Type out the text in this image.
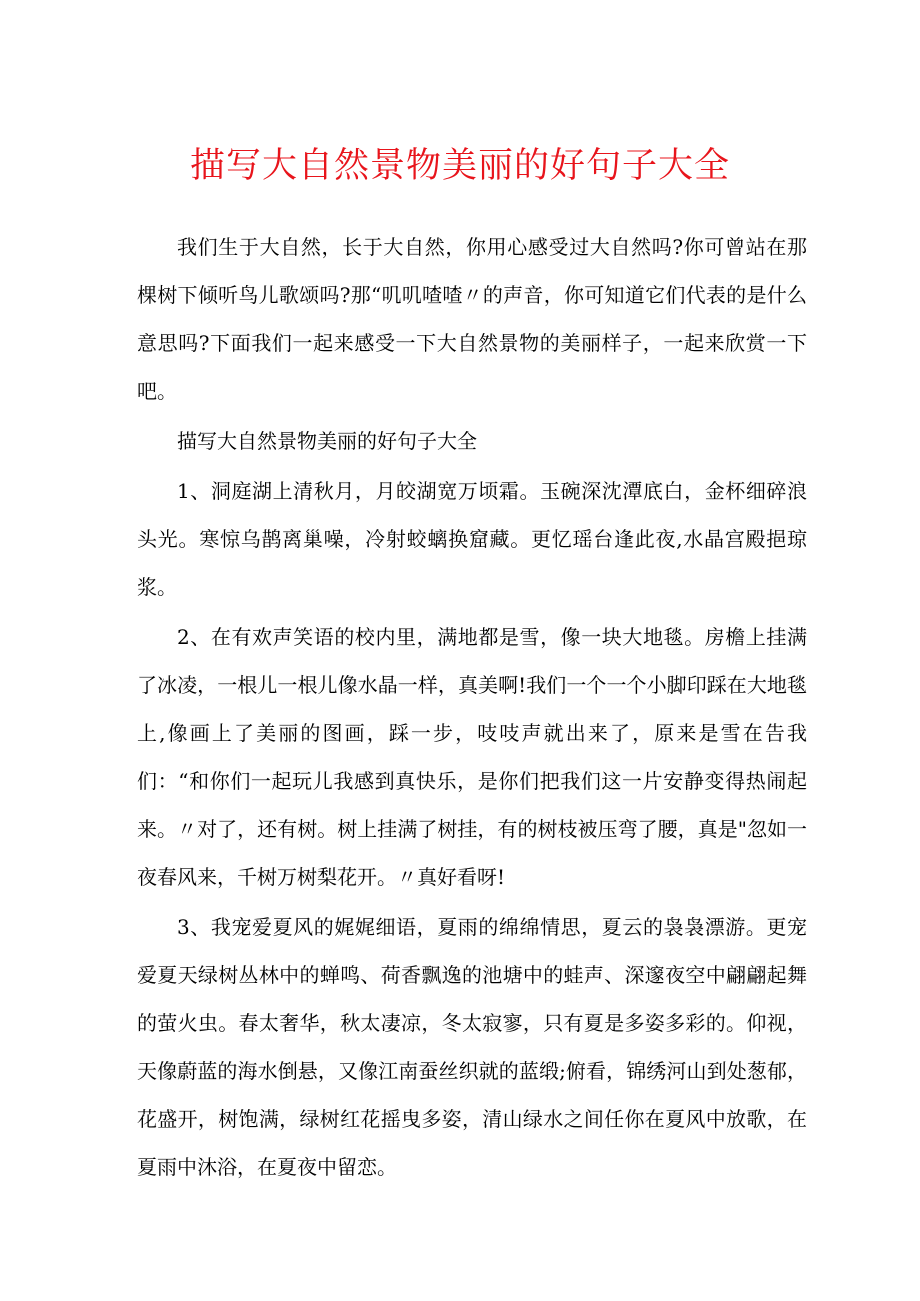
描写大自然景物美丽的好句子大全

我们生于大自然，长于大自然，你用心感受过大自然吗?你可曾站在那棵树下倾听鸟儿歌颂吗?那“叽叽喳喳〃的声音，你可知道它们代表的是什么意思吗?下面我们一起来感受一下大自然景物的美丽样子，一起来欣赏一下吧。

描写大自然景物美丽的好句子大全

1、洞庭湖上清秋月，月皎湖宽万顷霜。玉碗深沈潭底白，金杯细碎浪头光。寒惊乌鹊离巢噪，冷射蛟螭换窟藏。更忆瑶台逢此夜,水晶宫殿挹琼浆。

2、在有欢声笑语的校内里，满地都是雪，像一块大地毯。房檐上挂满了冰凌，一根儿一根儿像水晶一样，真美啊!我们一个一个小脚印踩在大地毯上,像画上了美丽的图画，踩一步，吱吱声就出来了，原来是雪在告我们：“和你们一起玩儿我感到真快乐，是你们把我们这一片安静变得热闹起来。〃对了，还有树。树上挂满了树挂，有的树枝被压弯了腰，真是"忽如一夜春风来，千树万树梨花开。〃真好看呀!

3、我宠爱夏风的娓娓细语，夏雨的绵绵情思，夏云的袅袅漂游。更宠爱夏天绿树丛林中的蝉鸣、荷香飘逸的池塘中的蛙声、深邃夜空中翩翩起舞的萤火虫。春太奢华，秋太凄凉，冬太寂寥，只有夏是多姿多彩的。仰视，天像蔚蓝的海水倒悬，又像江南蚕丝织就的蓝缎;俯看，锦绣河山到处葱郁，花盛开，树饱满，绿树红花摇曳多姿，清山绿水之间任你在夏风中放歌，在夏雨中沐浴，在夏夜中留恋。
